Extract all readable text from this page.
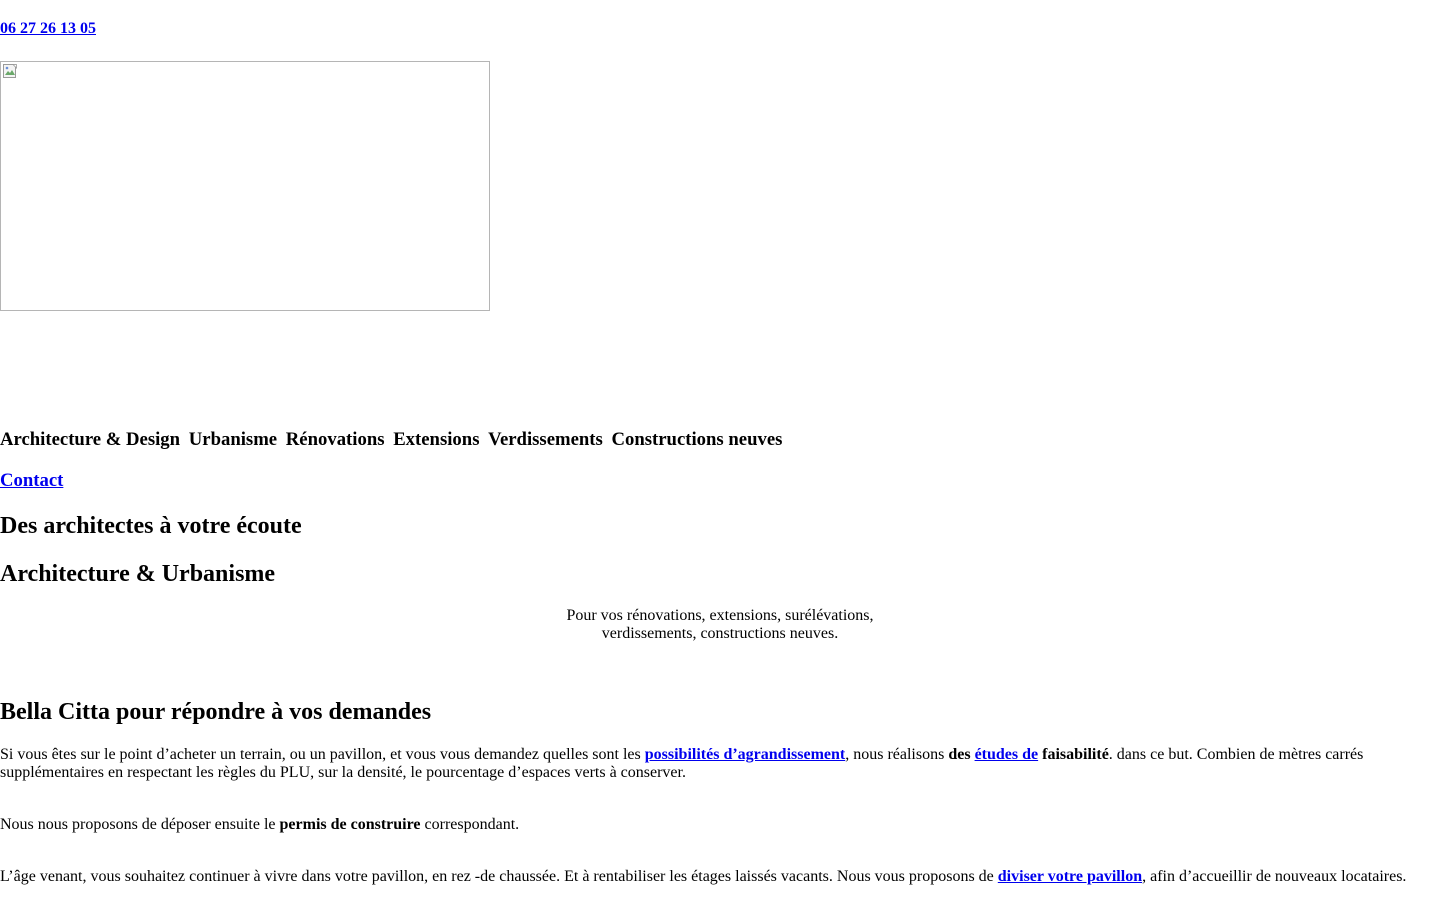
06 27 26 13 05
Architecture & Design Urbanisme Rénovations Extensions Verdissements Constructions neuves
Contact
Des architectes à votre écoute
Architecture & Urbanisme

Pour vos rénovations, extensions, surélévations,
verdissements, constructions neuves.

Bella Citta pour répondre à vos demandes

Si vous êtes sur le point d’acheter un terrain, ou un pavillon, et vous vous demandez quelles sont les possibilités d’agrandissement, nous réalisons des études de faisabilité. dans ce but. Combien de mètres carrés supplémentaires en respectant les règles du PLU, sur la densité, le pourcentage d’espaces verts à conserver.

Nous nous proposons de déposer ensuite le permis de construire correspondant.

L’âge venant, vous souhaitez continuer à vivre dans votre pavillon, en rez -de chaussée. Et à rentabiliser les étages laissés vacants. Nous vous proposons de diviser votre pavillon, afin d’accueillir de nouveaux locataires.
